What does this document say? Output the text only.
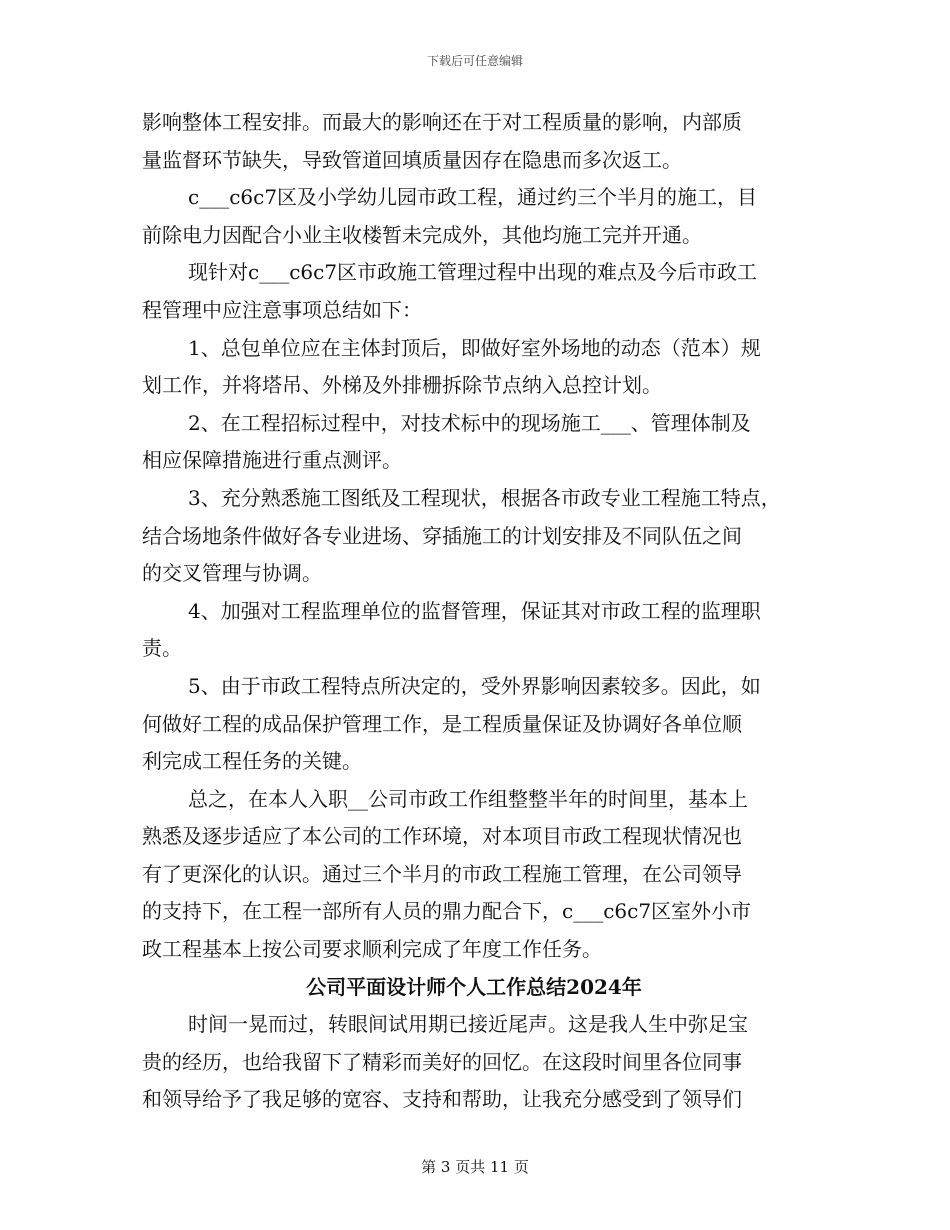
下载后可任意编辑
影响整体工程安排。而最大的影响还在于对工程质量的影响，内部质
量监督环节缺失，导致管道回填质量因存在隐患而多次返工。
c___c6c7区及小学幼儿园市政工程，通过约三个半月的施工，目
前除电力因配合小业主收楼暂未完成外，其他均施工完并开通。
现针对c___c6c7区市政施工管理过程中出现的难点及今后市政工
程管理中应注意事项总结如下：
1、总包单位应在主体封顶后，即做好室外场地的动态（范本）规
划工作，并将塔吊、外梯及外排栅拆除节点纳入总控计划。
2、在工程招标过程中，对技术标中的现场施工___、管理体制及
相应保障措施进行重点测评。
3、充分熟悉施工图纸及工程现状，根据各市政专业工程施工特点，
结合场地条件做好各专业进场、穿插施工的计划安排及不同队伍之间
的交叉管理与协调。
4、加强对工程监理单位的监督管理，保证其对市政工程的监理职
责。
5、由于市政工程特点所决定的，受外界影响因素较多。因此，如
何做好工程的成品保护管理工作，是工程质量保证及协调好各单位顺
利完成工程任务的关键。
总之，在本人入职__公司市政工作组整整半年的时间里，基本上
熟悉及逐步适应了本公司的工作环境，对本项目市政工程现状情况也
有了更深化的认识。通过三个半月的市政工程施工管理，在公司领导
的支持下，在工程一部所有人员的鼎力配合下，c___c6c7区室外小市
政工程基本上按公司要求顺利完成了年度工作任务。
公司平面设计师个人工作总结2024年
时间一晃而过，转眼间试用期已接近尾声。这是我人生中弥足宝
贵的经历，也给我留下了精彩而美好的回忆。在这段时间里各位同事
和领导给予了我足够的宽容、支持和帮助，让我充分感受到了领导们
第 3 页共 11 页
